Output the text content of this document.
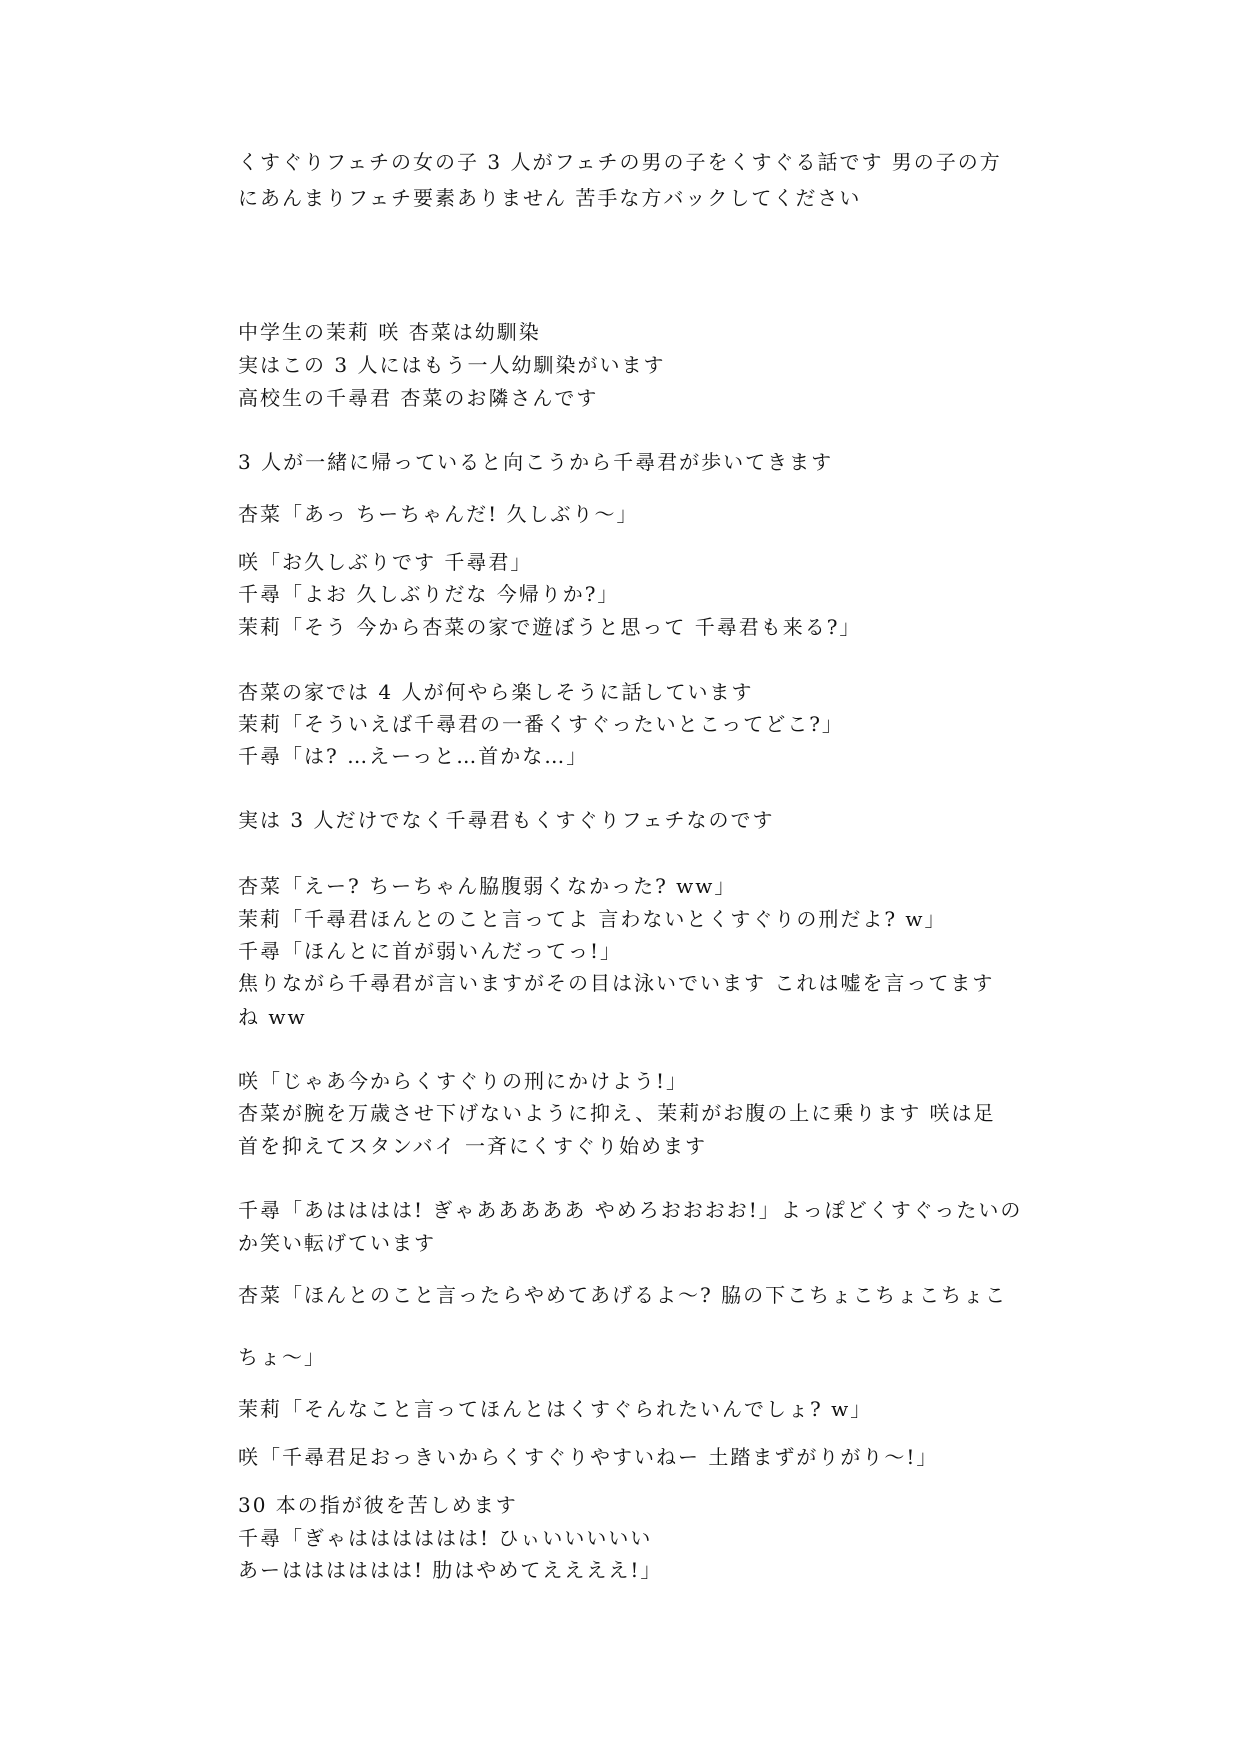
くすぐりフェチの女の子 3 人がフェチの男の子をくすぐる話です 男の子の方
にあんまりフェチ要素ありません 苦手な方バックしてください
中学生の茉莉 咲 杏菜は幼馴染
実はこの 3 人にはもう一人幼馴染がいます
高校生の千尋君 杏菜のお隣さんです
3 人が一緒に帰っていると向こうから千尋君が歩いてきます
杏菜「あっ ちーちゃんだ! 久しぶり〜」
咲「お久しぶりです 千尋君」
千尋「よお 久しぶりだな 今帰りか?」
茉莉「そう 今から杏菜の家で遊ぼうと思って 千尋君も来る?」
杏菜の家では 4 人が何やら楽しそうに話しています
茉莉「そういえば千尋君の一番くすぐったいとこってどこ?」
千尋「は? …えーっと…首かな…」
実は 3 人だけでなく千尋君もくすぐりフェチなのです
杏菜「えー? ちーちゃん脇腹弱くなかった? ww」
茉莉「千尋君ほんとのこと言ってよ 言わないとくすぐりの刑だよ? w」
千尋「ほんとに首が弱いんだってっ!」
焦りながら千尋君が言いますがその目は泳いでいます これは嘘を言ってます
ね ww
咲「じゃあ今からくすぐりの刑にかけよう!」
杏菜が腕を万歳させ下げないように抑え、茉莉がお腹の上に乗ります 咲は足
首を抑えてスタンバイ 一斉にくすぐり始めます
千尋「あはははは! ぎゃあああああ やめろおおおお!」よっぽどくすぐったいの
か笑い転げています
杏菜「ほんとのこと言ったらやめてあげるよ〜? 脇の下こちょこちょこちょこ
ちょ〜」
茉莉「そんなこと言ってほんとはくすぐられたいんでしょ? w」
咲「千尋君足おっきいからくすぐりやすいねー 土踏まずがりがり〜!」
30 本の指が彼を苦しめます
千尋「ぎゃはははははは! ひぃいいいいい
あーはははははは! 肋はやめてええええ!」
